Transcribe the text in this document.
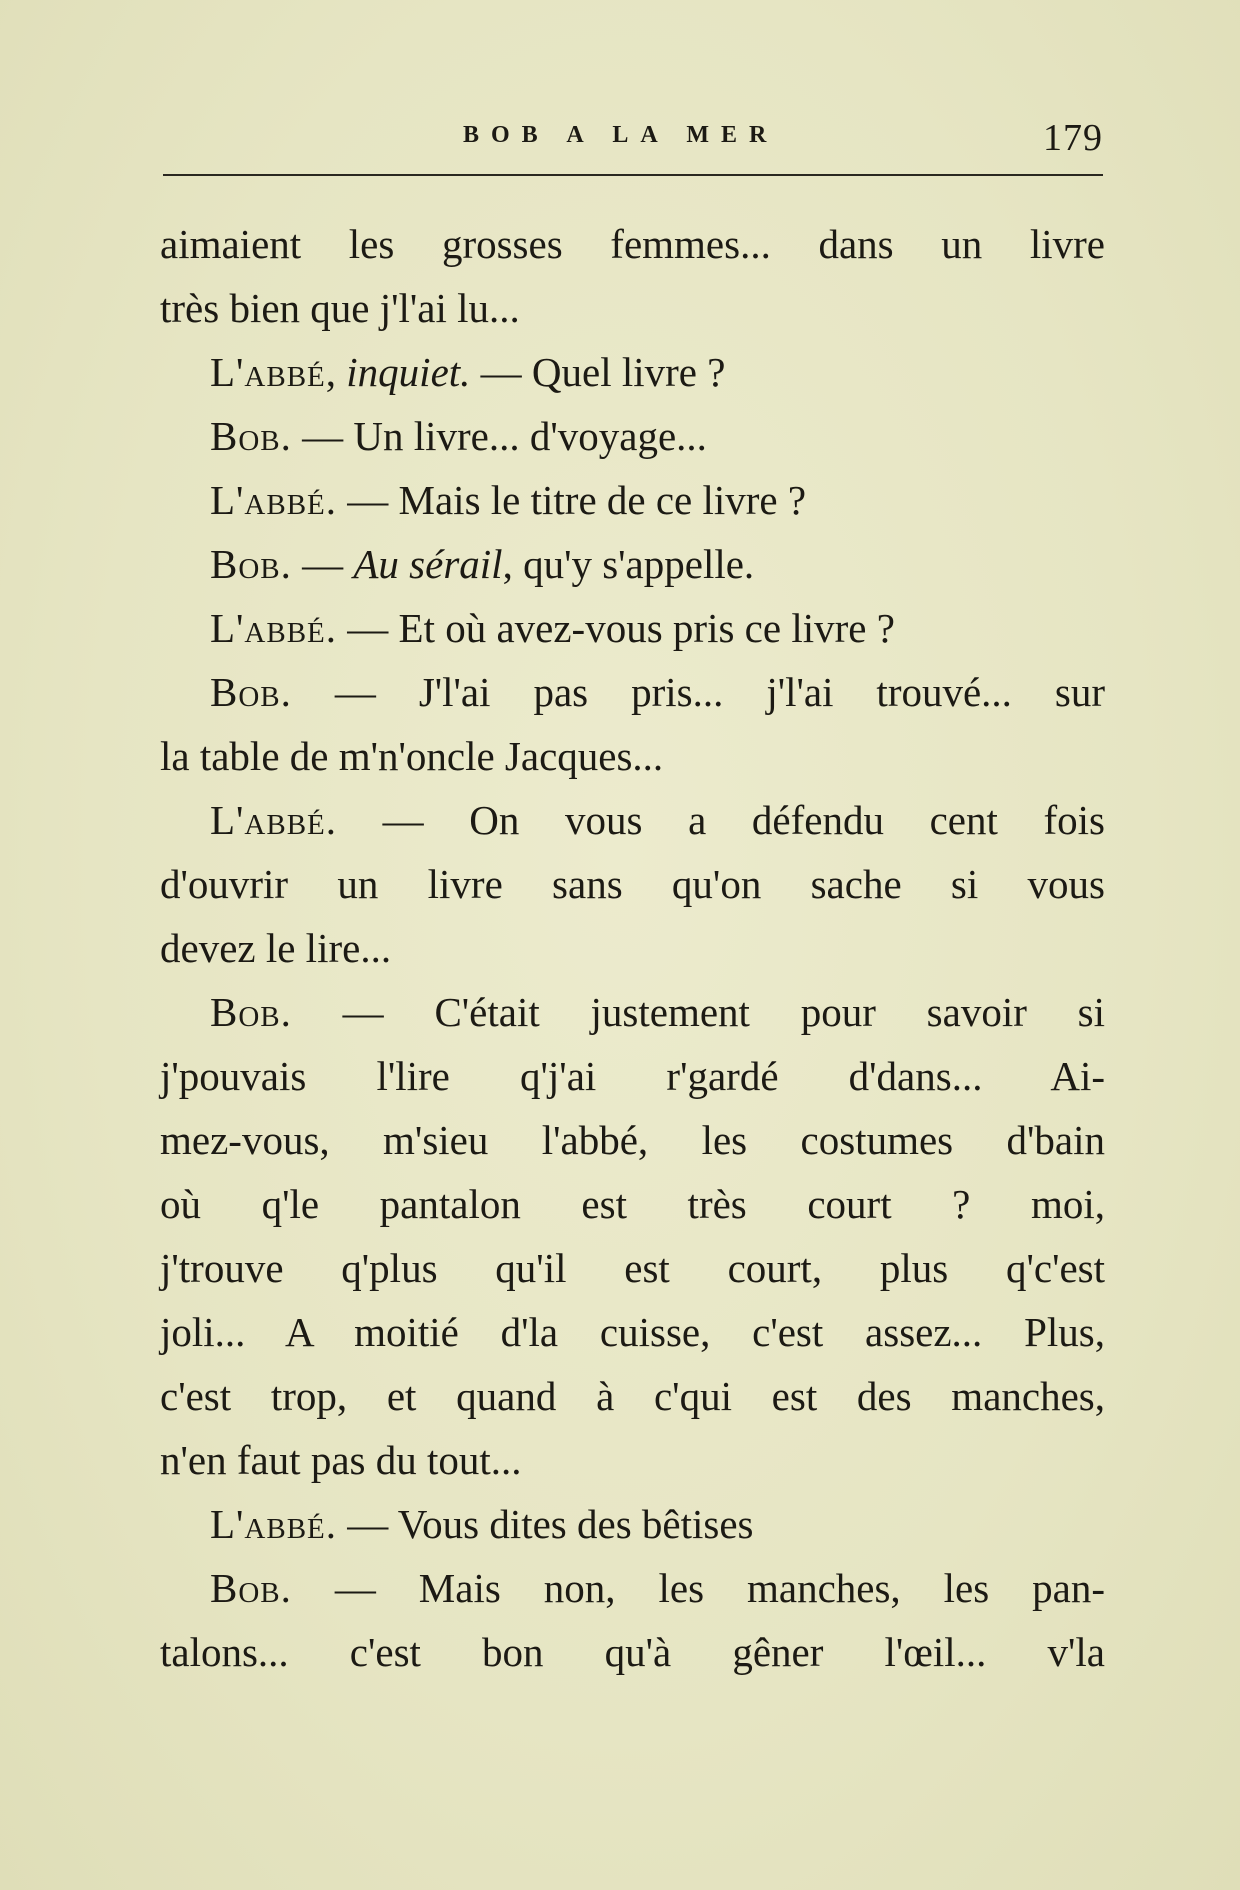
BOB A LA MER	179
aimaient les grosses femmes... dans un livre
très bien que j'l'ai lu...
L'abbé, inquiet. — Quel livre ?
Bob. — Un livre... d'voyage...
L'abbé. — Mais le titre de ce livre ?
Bob. — Au sérail, qu'y s'appelle.
L'abbé. — Et où avez-vous pris ce livre ?
Bob. — J'l'ai pas pris... j'l'ai trouvé... sur
la table de m'n'oncle Jacques...
L'abbé. — On vous a défendu cent fois
d'ouvrir un livre sans qu'on sache si vous
devez le lire...
Bob. — C'était justement pour savoir si
j'pouvais l'lire q'j'ai r'gardé d'dans... Ai-
mez-vous, m'sieu l'abbé, les costumes d'bain
où q'le pantalon est très court ? moi,
j'trouve q'plus qu'il est court, plus q'c'est
joli... A moitié d'la cuisse, c'est assez... Plus,
c'est trop, et quand à c'qui est des manches,
n'en faut pas du tout...
L'abbé. — Vous dites des bêtises
Bob. — Mais non, les manches, les pan-
talons... c'est bon qu'à gêner l'œil... v'la
